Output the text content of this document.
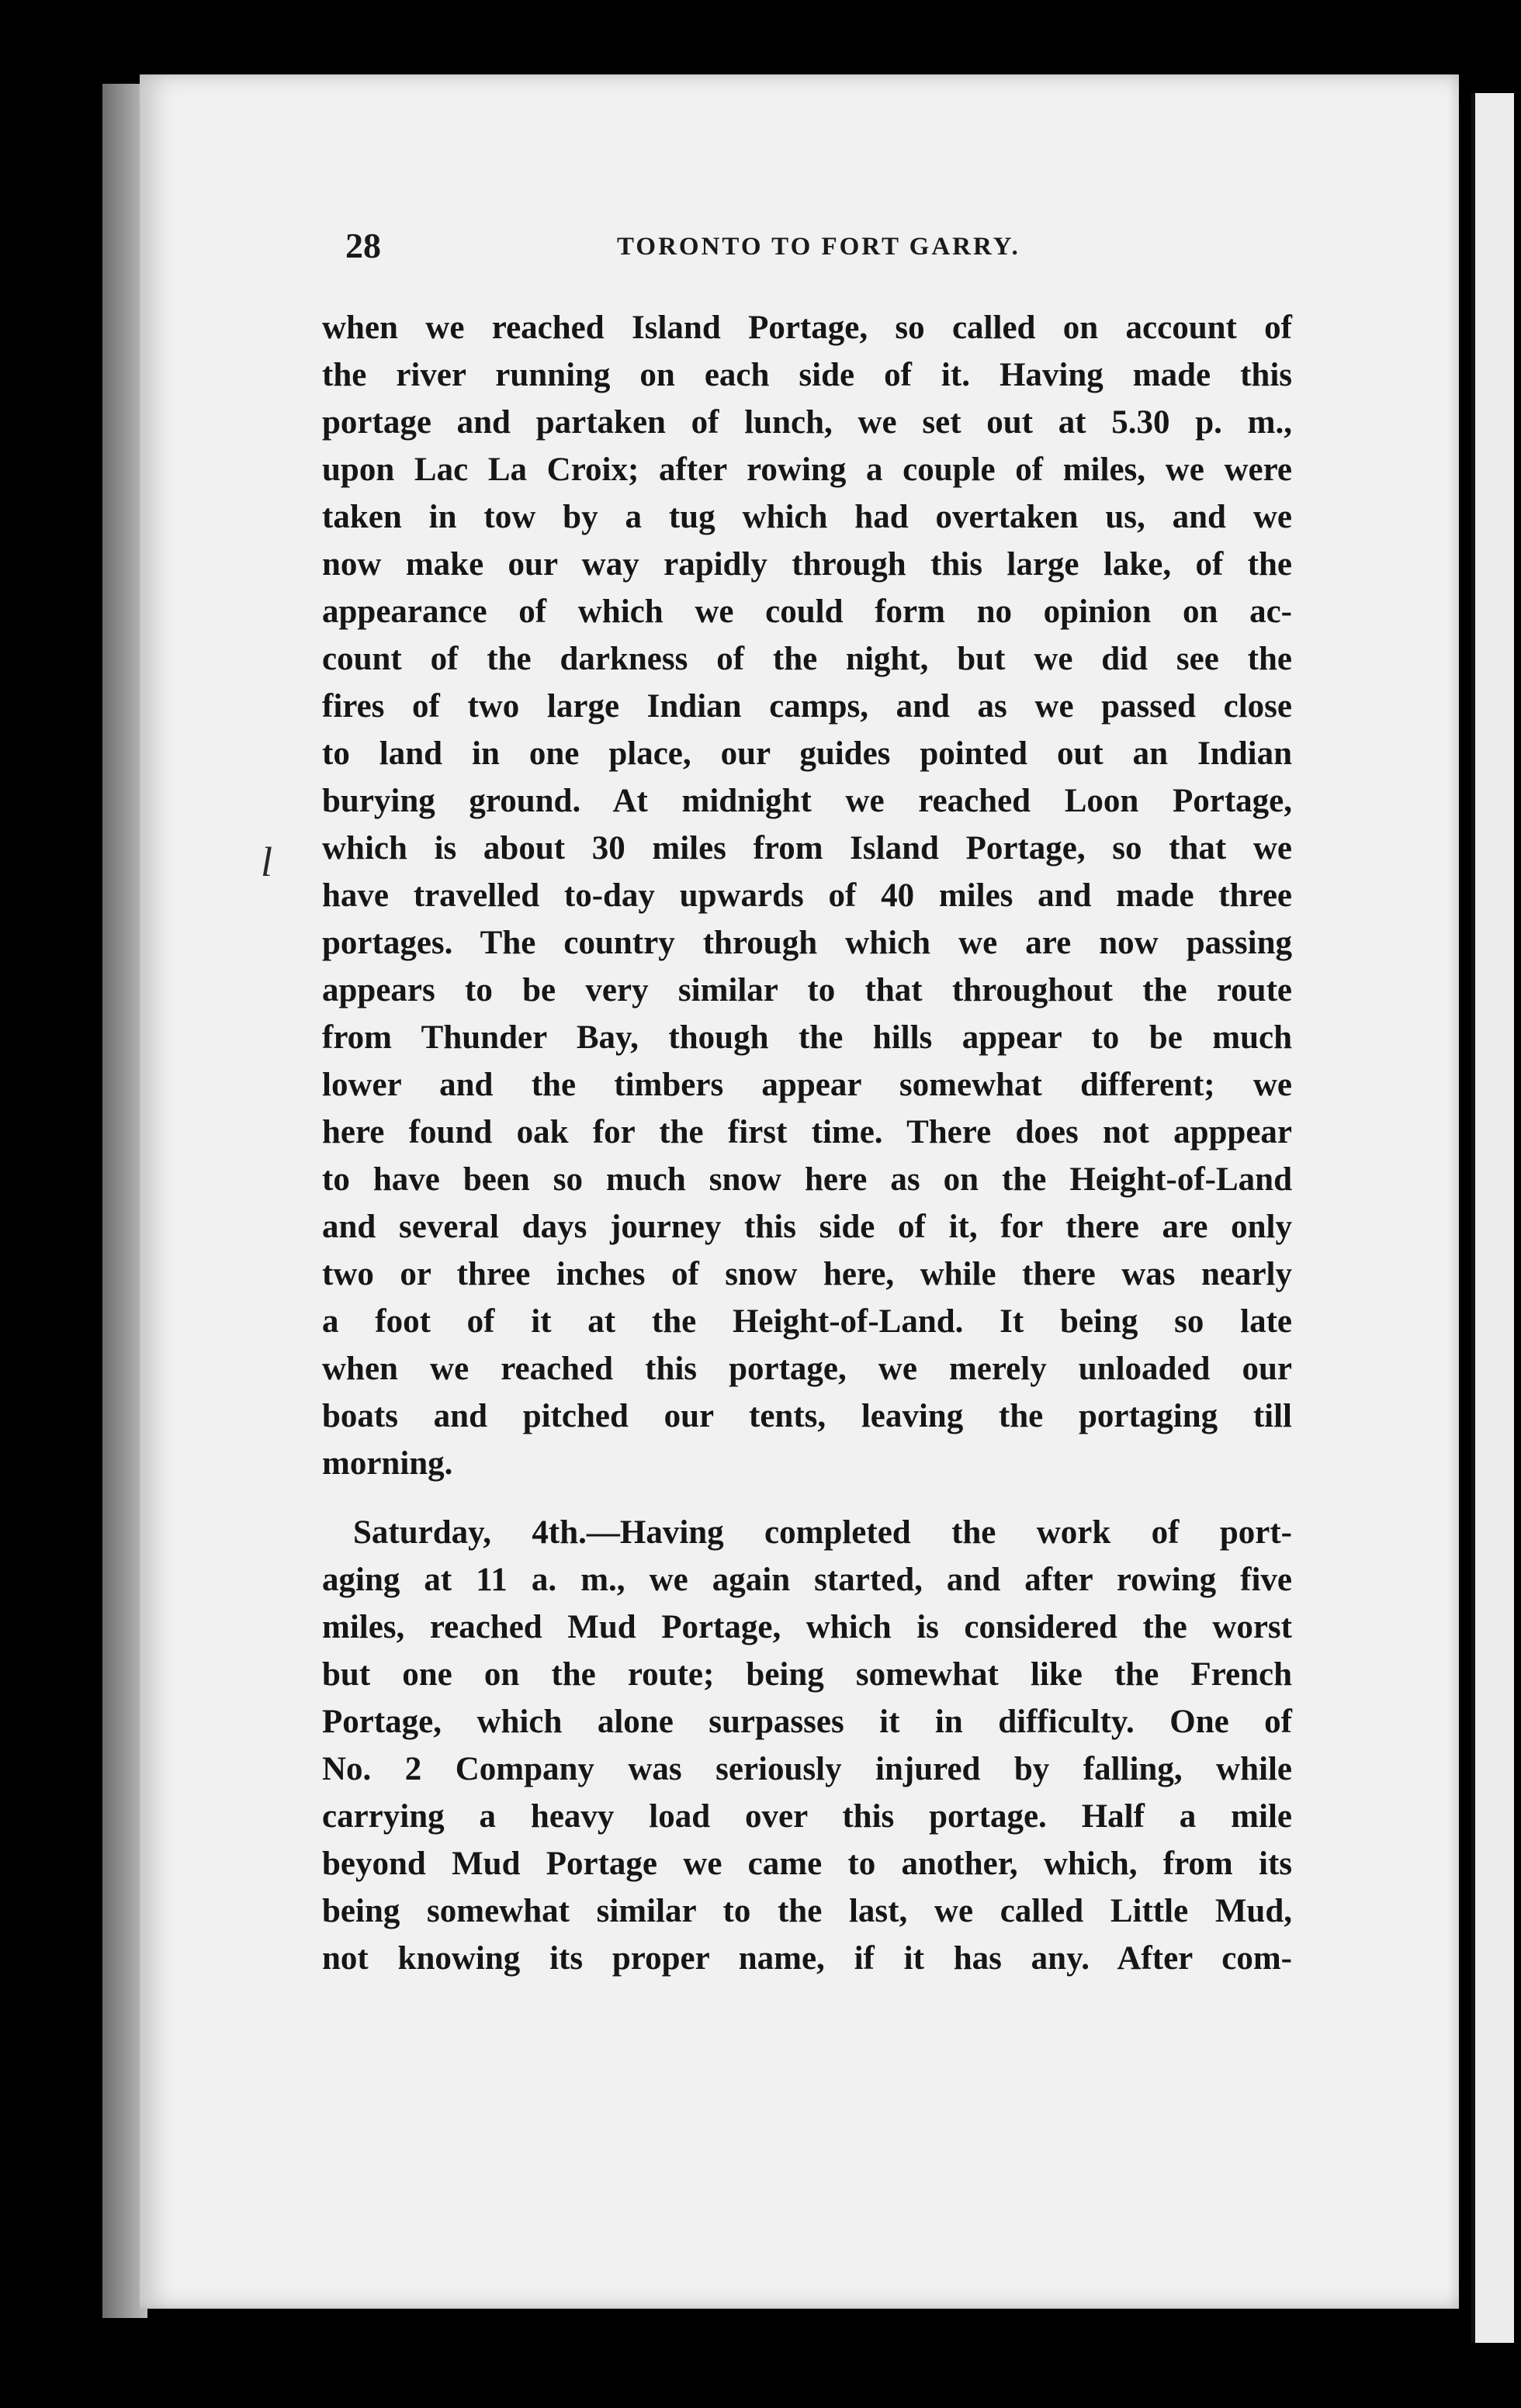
28	TORONTO TO FORT GARRY.
l
when we reached Island Portage, so called on account of
the river running on each side of it. Having made this
portage and partaken of lunch, we set out at 5.30 p. m.,
upon Lac La Croix; after rowing a couple of miles, we were
taken in tow by a tug which had overtaken us, and we
now make our way rapidly through this large lake, of the
appearance of which we could form no opinion on ac-
count of the darkness of the night, but we did see the
fires of two large Indian camps, and as we passed close
to land in one place, our guides pointed out an Indian
burying ground. At midnight we reached Loon Portage,
which is about 30 miles from Island Portage, so that we
have travelled to-day upwards of 40 miles and made three
portages. The country through which we are now passing
appears to be very similar to that throughout the route
from Thunder Bay, though the hills appear to be much
lower and the timbers appear somewhat different; we
here found oak for the first time. There does not apppear
to have been so much snow here as on the Height-of-Land
and several days journey this side of it, for there are only
two or three inches of snow here, while there was nearly
a foot of it at the Height-of-Land. It being so late
when we reached this portage, we merely unloaded our
boats and pitched our tents, leaving the portaging till
morning.
Saturday, 4th.—Having completed the work of port-
aging at 11 a. m., we again started, and after rowing five
miles, reached Mud Portage, which is considered the worst
but one on the route; being somewhat like the French
Portage, which alone surpasses it in difficulty. One of
No. 2 Company was seriously injured by falling, while
carrying a heavy load over this portage. Half a mile
beyond Mud Portage we came to another, which, from its
being somewhat similar to the last, we called Little Mud,
not knowing its proper name, if it has any. After com-
